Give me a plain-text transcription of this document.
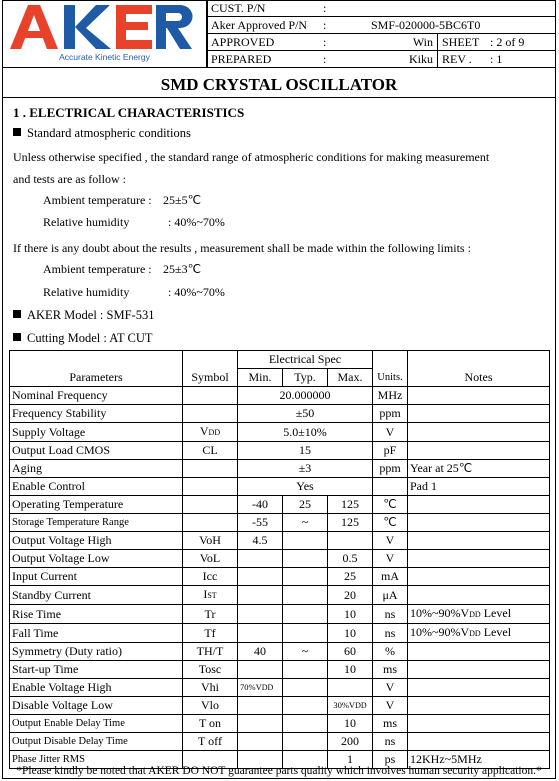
Accurate Kinetic Energy
CUST. P/N	:			
Aker Approved P/N	:	SMF-020000-5BC6T0		
APPROVED	:	Win	SHEET	: 2 of 9
PREPARED	:	Kiku	REV .	: 1
SMD CRYSTAL OSCILLATOR
1 . ELECTRICAL CHARACTERISTICS
Standard atmospheric conditions
Unless otherwise specified , the standard range of atmospheric conditions for making measurement
and tests are as follow :
Ambient temperature : 25±5℃
Relative humidity	: 40%~70%
If there is any doubt about the results , measurement shall be made within the following limits :
Ambient temperature : 25±3℃
Relative humidity	: 40%~70%
AKER Model : SMF-531
Cutting Model : AT CUT
Parameters	Symbol	Electrical Spec			Units.	Notes
		Min.	Typ.	Max.		
Nominal Frequency		20.000000			MHz	
Frequency Stability		±50			ppm	
Supply Voltage	VDD	5.0±10%			V	
Output Load CMOS	CL	15			pF	
Aging		±3			ppm	Year at 25℃
Enable Control		Yes				Pad 1
Operating Temperature		-40	25	125	℃	
Storage Temperature Range		-55	~	125	℃	
Output Voltage High	VoH	4.5			V	
Output Voltage Low	VoL			0.5	V	
Input Current	Icc			25	mA	
Standby Current	IST			20	μA	
Rise Time	Tr			10	ns	10%~90%VDD Level
Fall Time	Tf			10	ns	10%~90%VDD Level
Symmetry (Duty ratio)	TH/T	40	~	60	%	
Start-up Time	Tosc			10	ms	
Enable Voltage High	Vhi	70%VDD			V	
Disable Voltage Low	Vlo			30%VDD	V	
Output Enable Delay Time	T on			10	ms	
Output Disable Delay Time	T off			200	ns	
Phase Jitter RMS				1	ps	12KHz~5MHz
*Please kindly be noted that AKER DO NOT guarantee parts quality which involves human security application.*
